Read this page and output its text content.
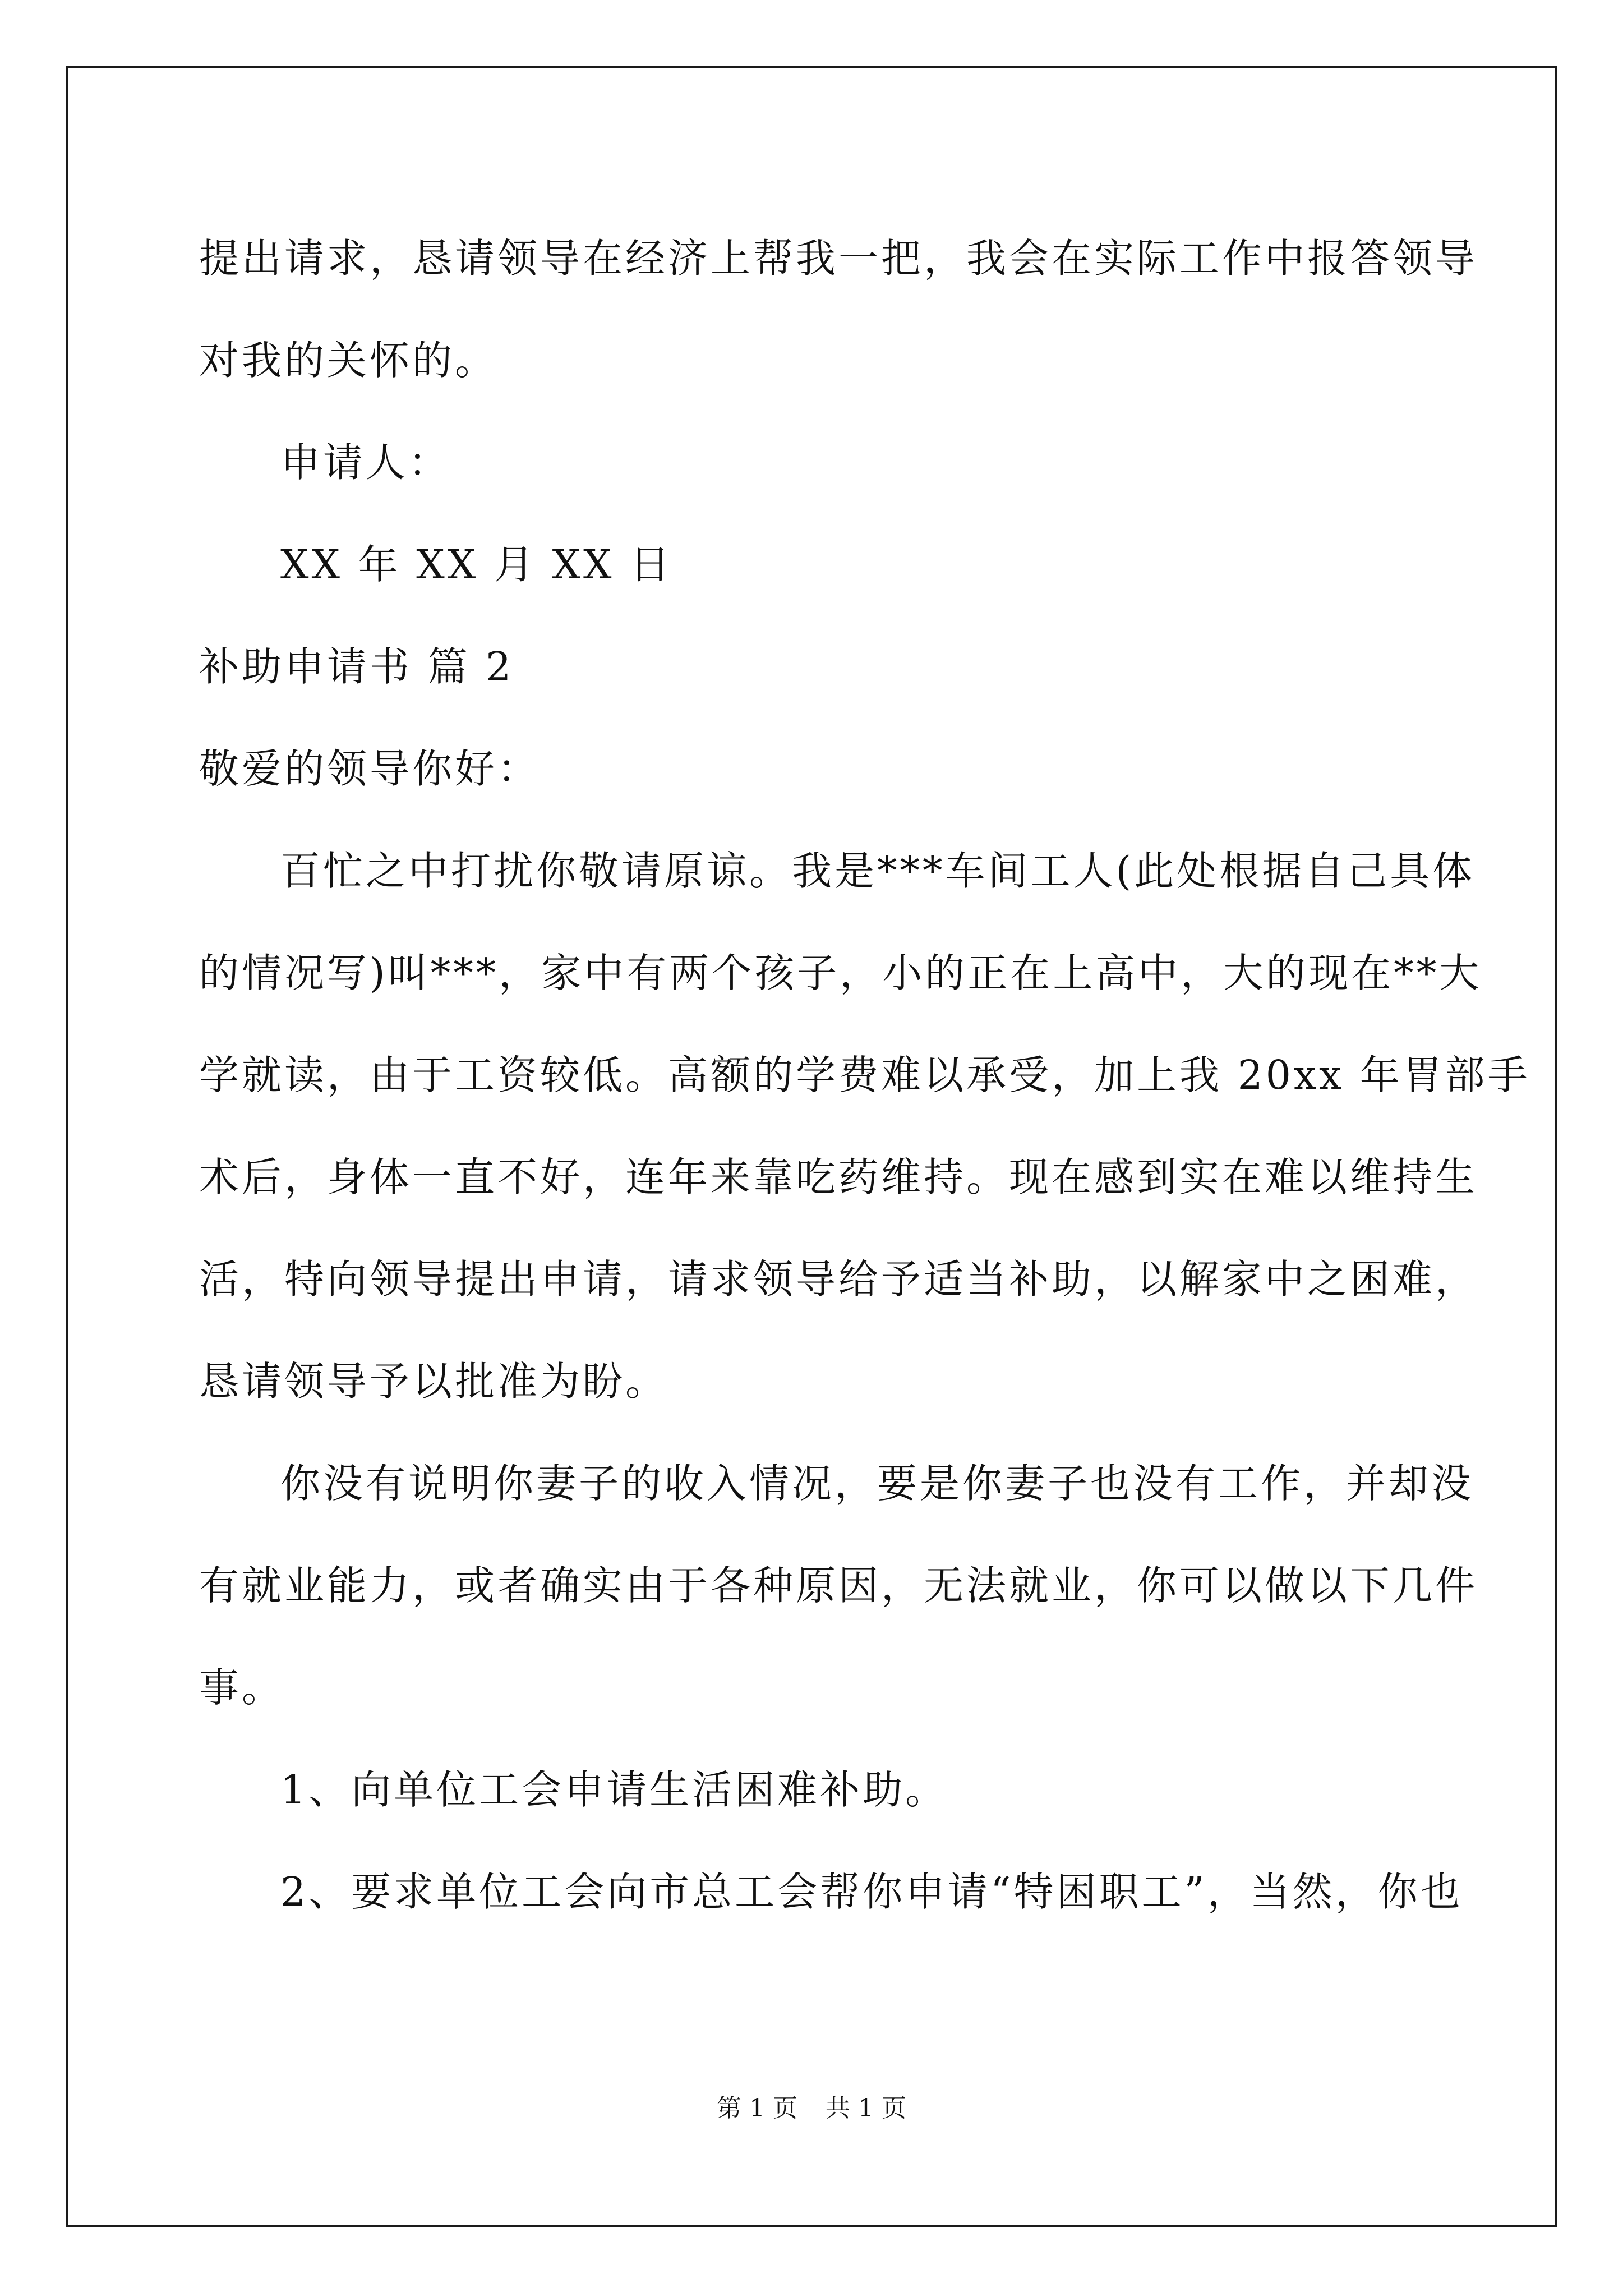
提出请求，恳请领导在经济上帮我一把，我会在实际工作中报答领导
对我的关怀的。
申请人：
XX 年 XX 月 XX 日
补助申请书 篇 2
敬爱的领导你好：
百忙之中打扰你敬请原谅。我是***车间工人(此处根据自己具体
的情况写)叫***，家中有两个孩子，小的正在上高中，大的现在**大
学就读，由于工资较低。高额的学费难以承受，加上我 20xx 年胃部手
术后，身体一直不好，连年来靠吃药维持。现在感到实在难以维持生
活，特向领导提出申请，请求领导给予适当补助，以解家中之困难，
恳请领导予以批准为盼。
你没有说明你妻子的收入情况，要是你妻子也没有工作，并却没
有就业能力，或者确实由于各种原因，无法就业，你可以做以下几件
事。
1、向单位工会申请生活困难补助。
2、要求单位工会向市总工会帮你申请“特困职工”，当然，你也
第 1 页 共 1 页
